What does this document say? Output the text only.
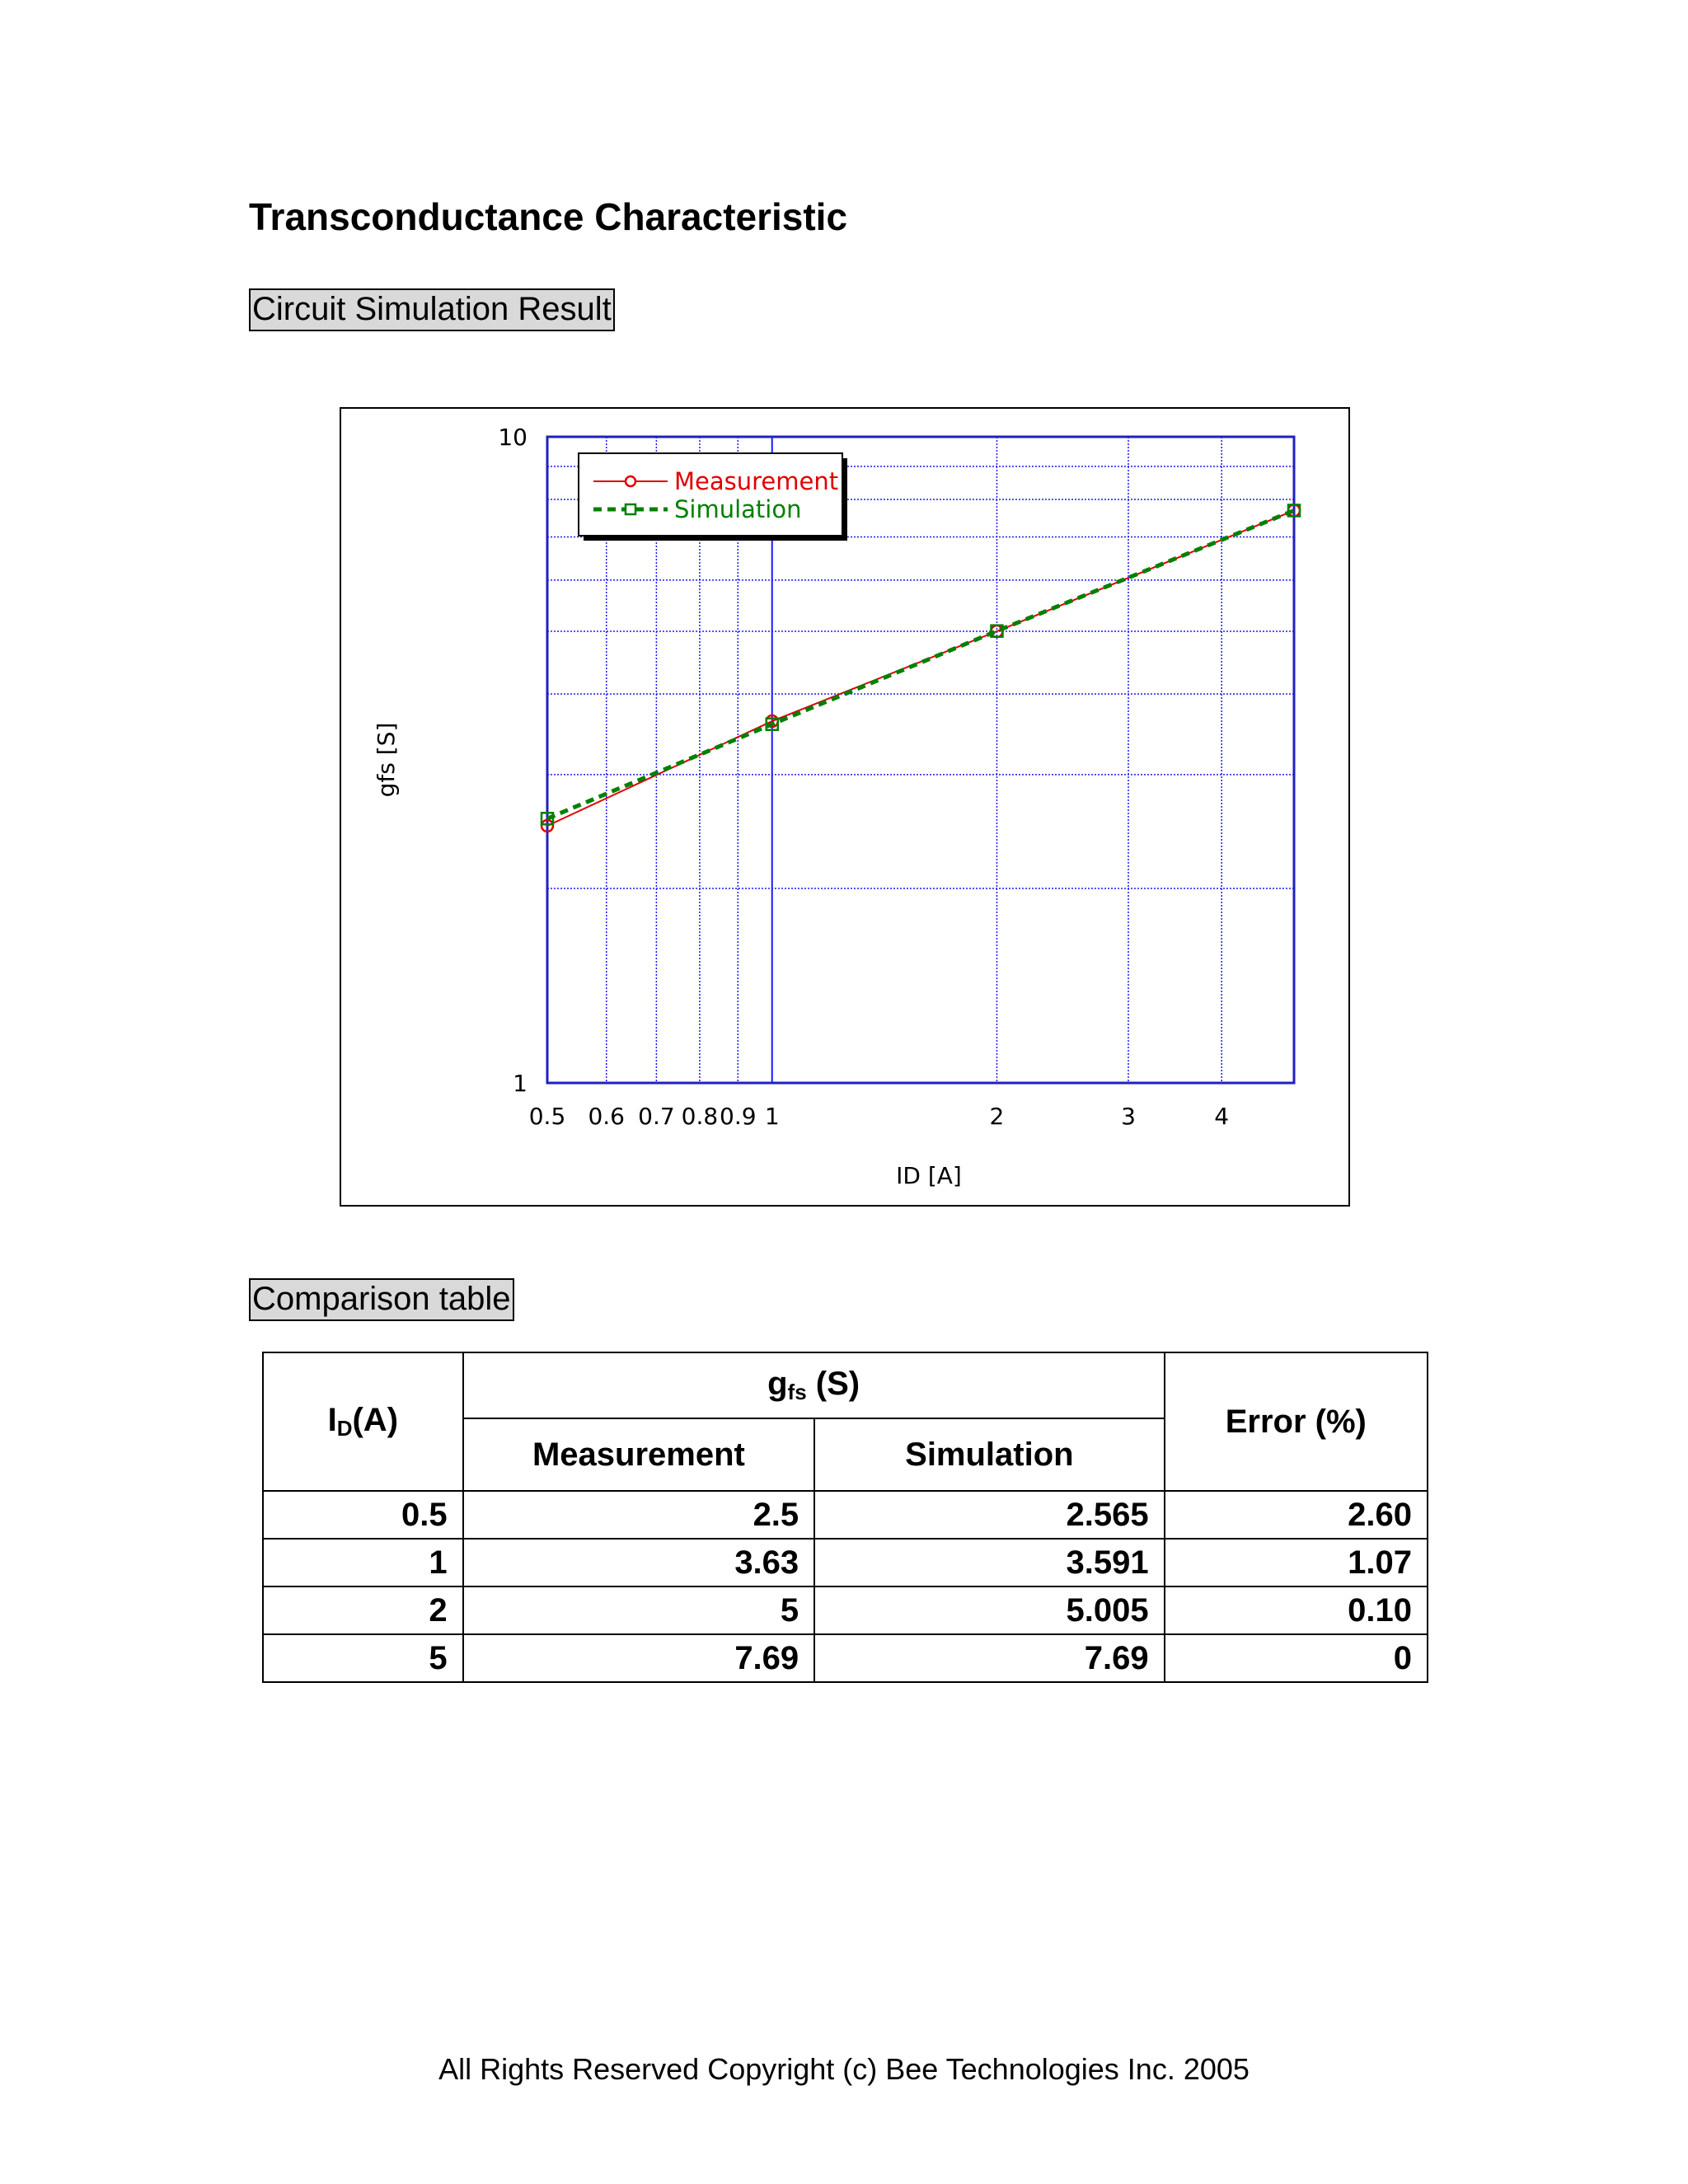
Transconductance Characteristic
Circuit Simulation Result
0.5 0.6 0.7 0.8 0.9 1	2	3	4
1
10
ID [A]
gfs [S]
Measurement
Simulation
Comparison table
$I_D(A)$	$g_{fs}$ (S)		Error (%)
	Measurement	Simulation	
0.5	2.5	2.565	2.60
1	3.63	3.591	1.07
2	5	5.005	0.10
5	7.69	7.69	0
All Rights Reserved Copyright (c) Bee Technologies Inc. 2005
